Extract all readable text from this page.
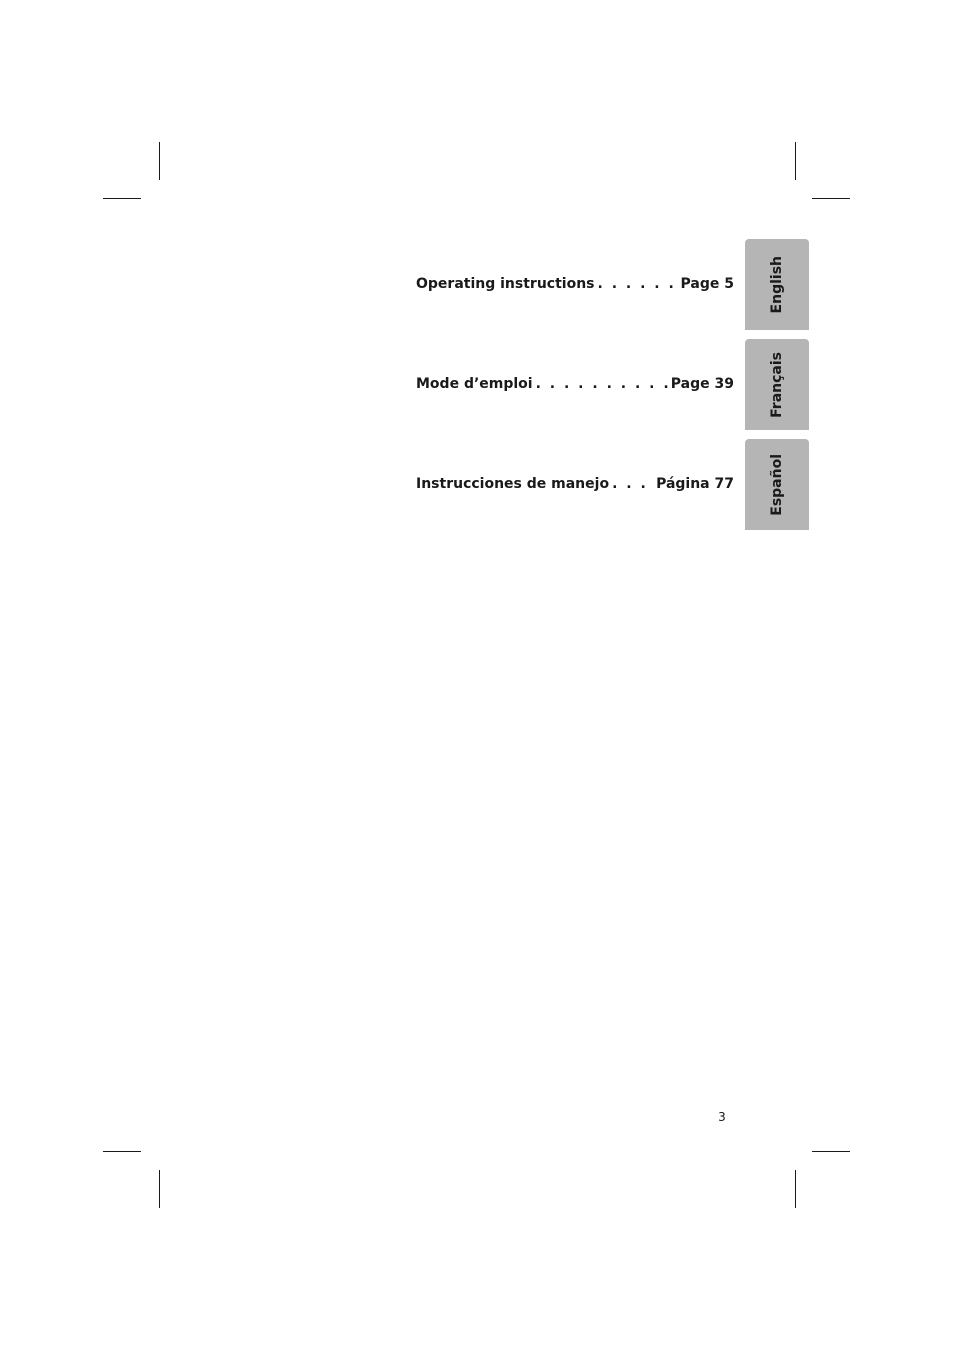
Operating instructions . . .	Page 5
Mode d’emploi . . .	Page 39
Instrucciones de manejo . . .	Página 77
English
Français
Español
3
